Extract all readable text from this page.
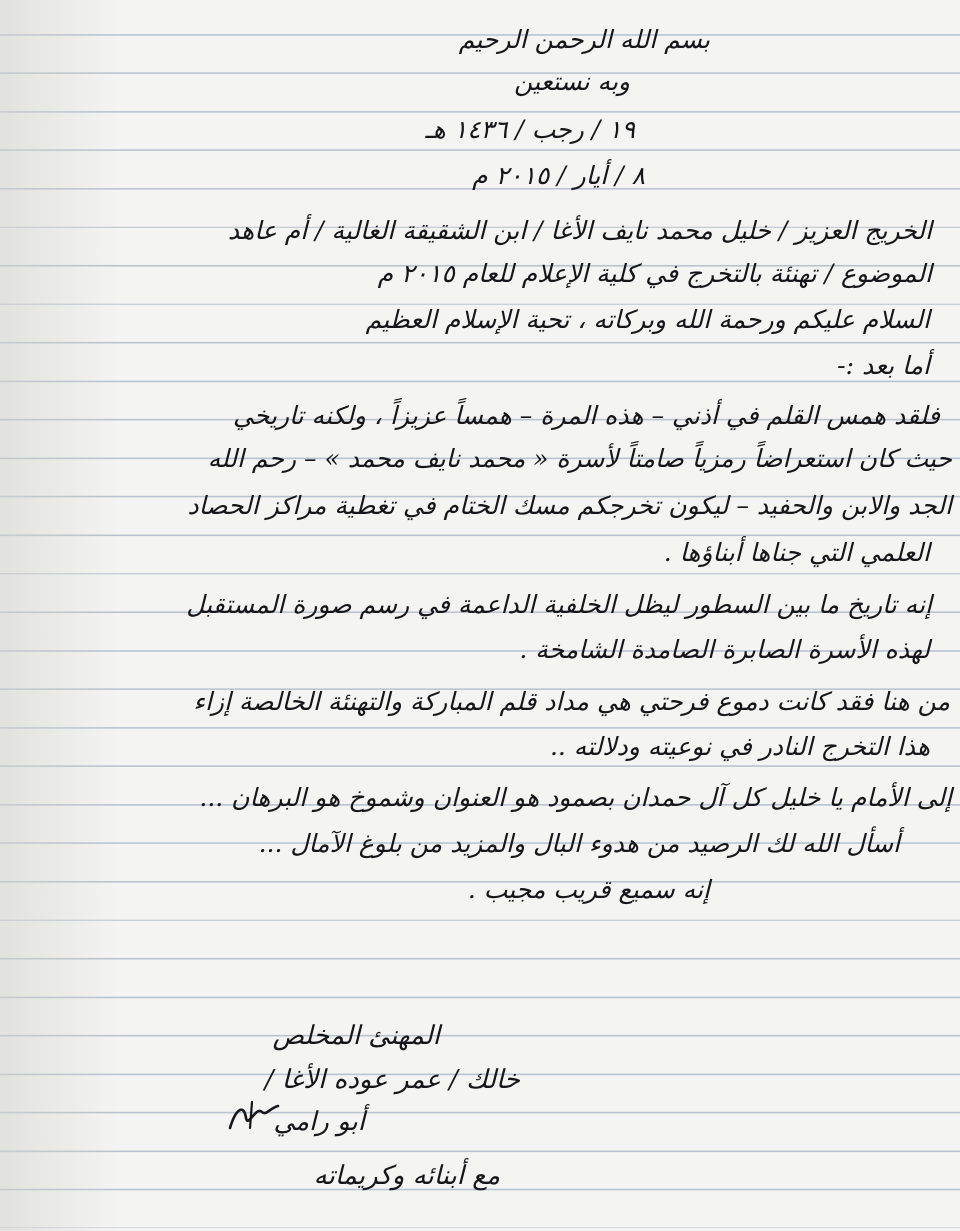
بسم الله الرحمن الرحيم
وبه نستعين
١٩ / رجب / ١٤٣٦ هـ
٨ / أيار / ٢٠١٥ م
الخريج العزيز / خليل محمد نايف الأغا / ابن الشقيقة الغالية / أم عاهد
الموضوع / تهنئة بالتخرج في كلية الإعلام للعام ٢٠١٥ م
السلام عليكم ورحمة الله وبركاته ، تحية الإسلام العظيم
أما بعد :-
فلقد همس القلم في أذني – هذه المرة – همساً عزيزاً ، ولكنه تاريخي
حيث كان استعراضاً رمزياً صامتاً لأسرة « محمد نايف محمد » – رحم الله
الجد والابن والحفيد – ليكون تخرجكم مسك الختام في تغطية مراكز الحصاد
العلمي التي جناها أبناؤها .
إنه تاريخ ما بين السطور ليظل الخلفية الداعمة في رسم صورة المستقبل
لهذه الأسرة الصابرة الصامدة الشامخة .
من هنا فقد كانت دموع فرحتي هي مداد قلم المباركة والتهنئة الخالصة إزاء
هذا التخرج النادر في نوعيته ودلالته ..
إلى الأمام يا خليل كل آل حمدان بصمود هو العنوان وشموخ هو البرهان ...
أسأل الله لك الرصيد من هدوء البال والمزيد من بلوغ الآمال ...
إنه سميع قريب مجيب .
المهنئ المخلص
خالك / عمر عوده الأغا /
أبو رامي
مع أبنائه وكريماته
